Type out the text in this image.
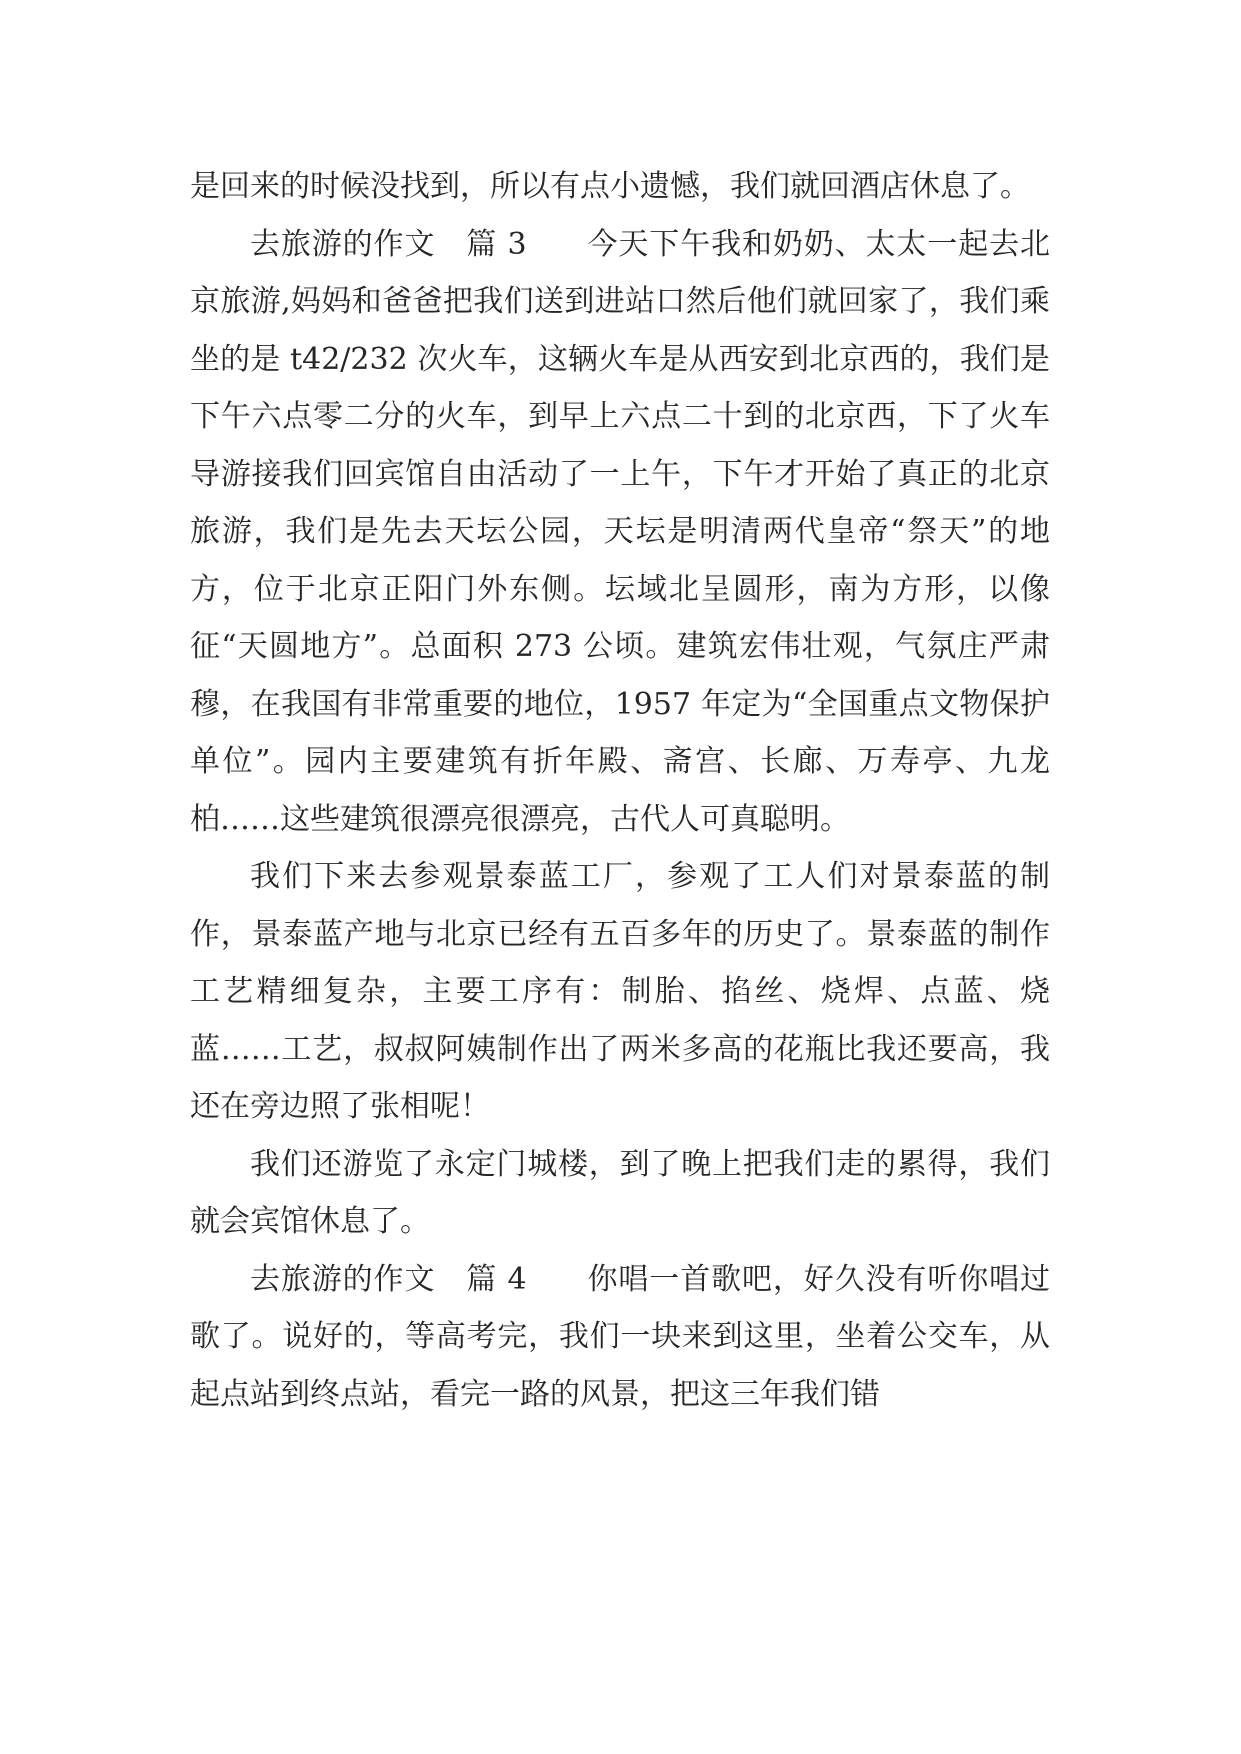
是回来的时候没找到，所以有点小遗憾，我们就回酒店休息了。

去旅游的作文 篇 3 今天下午我和奶奶、太太一起去北京旅游,妈妈和爸爸把我们送到进站口然后他们就回家了，我们乘坐的是 t42/232 次火车，这辆火车是从西安到北京西的，我们是下午六点零二分的火车，到早上六点二十到的北京西，下了火车导游接我们回宾馆自由活动了一上午，下午才开始了真正的北京旅游，我们是先去天坛公园，天坛是明清两代皇帝“祭天”的地方，位于北京正阳门外东侧。坛域北呈圆形，南为方形，以像征“天圆地方”。总面积 273 公顷。建筑宏伟壮观，气氛庄严肃穆，在我国有非常重要的地位，1957 年定为“全国重点文物保护单位”。园内主要建筑有折年殿、斋宫、长廊、万寿亭、九龙柏……这些建筑很漂亮很漂亮，古代人可真聪明。

我们下来去参观景泰蓝工厂，参观了工人们对景泰蓝的制作，景泰蓝产地与北京已经有五百多年的历史了。景泰蓝的制作工艺精细复杂，主要工序有：制胎、掐丝、烧焊、点蓝、烧蓝……工艺，叔叔阿姨制作出了两米多高的花瓶比我还要高，我还在旁边照了张相呢！

我们还游览了永定门城楼，到了晚上把我们走的累得，我们就会宾馆休息了。

去旅游的作文 篇 4 你唱一首歌吧，好久没有听你唱过歌了。说好的，等高考完，我们一块来到这里，坐着公交车，从起点站到终点站，看完一路的风景，把这三年我们错
